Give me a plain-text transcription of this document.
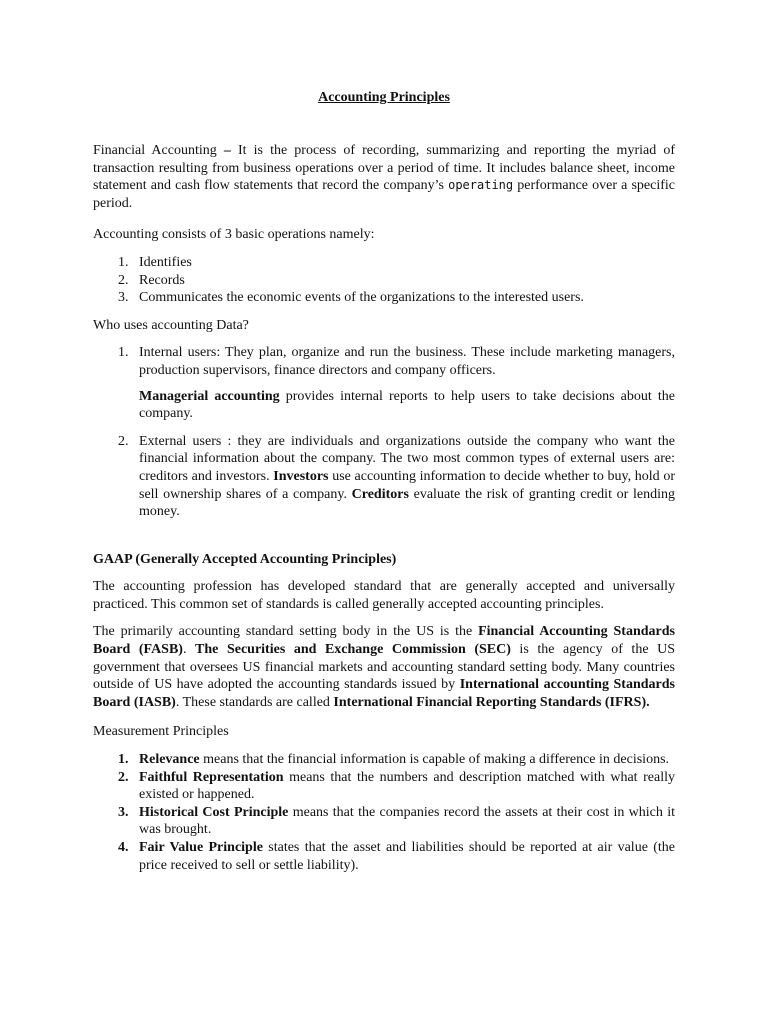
Accounting Principles

Financial Accounting – It is the process of recording, summarizing and reporting the myriad of transaction resulting from business operations over a period of time. It includes balance sheet, income statement and cash flow statements that record the company’s operating performance over a specific period.

Accounting consists of 3 basic operations namely:

1. Identifies
2. Records
3. Communicates the economic events of the organizations to the interested users.

Who uses accounting Data?

1. Internal users: They plan, organize and run the business. These include marketing managers, production supervisors, finance directors and company officers.
Managerial accounting provides internal reports to help users to take decisions about the company.
2. External users : they are individuals and organizations outside the company who want the financial information about the company. The two most common types of external users are: creditors and investors. Investors use accounting information to decide whether to buy, hold or sell ownership shares of a company. Creditors evaluate the risk of granting credit or lending money.

GAAP (Generally Accepted Accounting Principles)

The accounting profession has developed standard that are generally accepted and universally practiced. This common set of standards is called generally accepted accounting principles.

The primarily accounting standard setting body in the US is the Financial Accounting Standards Board (FASB). The Securities and Exchange Commission (SEC) is the agency of the US government that oversees US financial markets and accounting standard setting body. Many countries outside of US have adopted the accounting standards issued by International accounting Standards Board (IASB). These standards are called International Financial Reporting Standards (IFRS).

Measurement Principles

1. Relevance means that the financial information is capable of making a difference in decisions.
2. Faithful Representation means that the numbers and description matched with what really existed or happened.
3. Historical Cost Principle means that the companies record the assets at their cost in which it was brought.
4. Fair Value Principle states that the asset and liabilities should be reported at air value (the price received to sell or settle liability).
